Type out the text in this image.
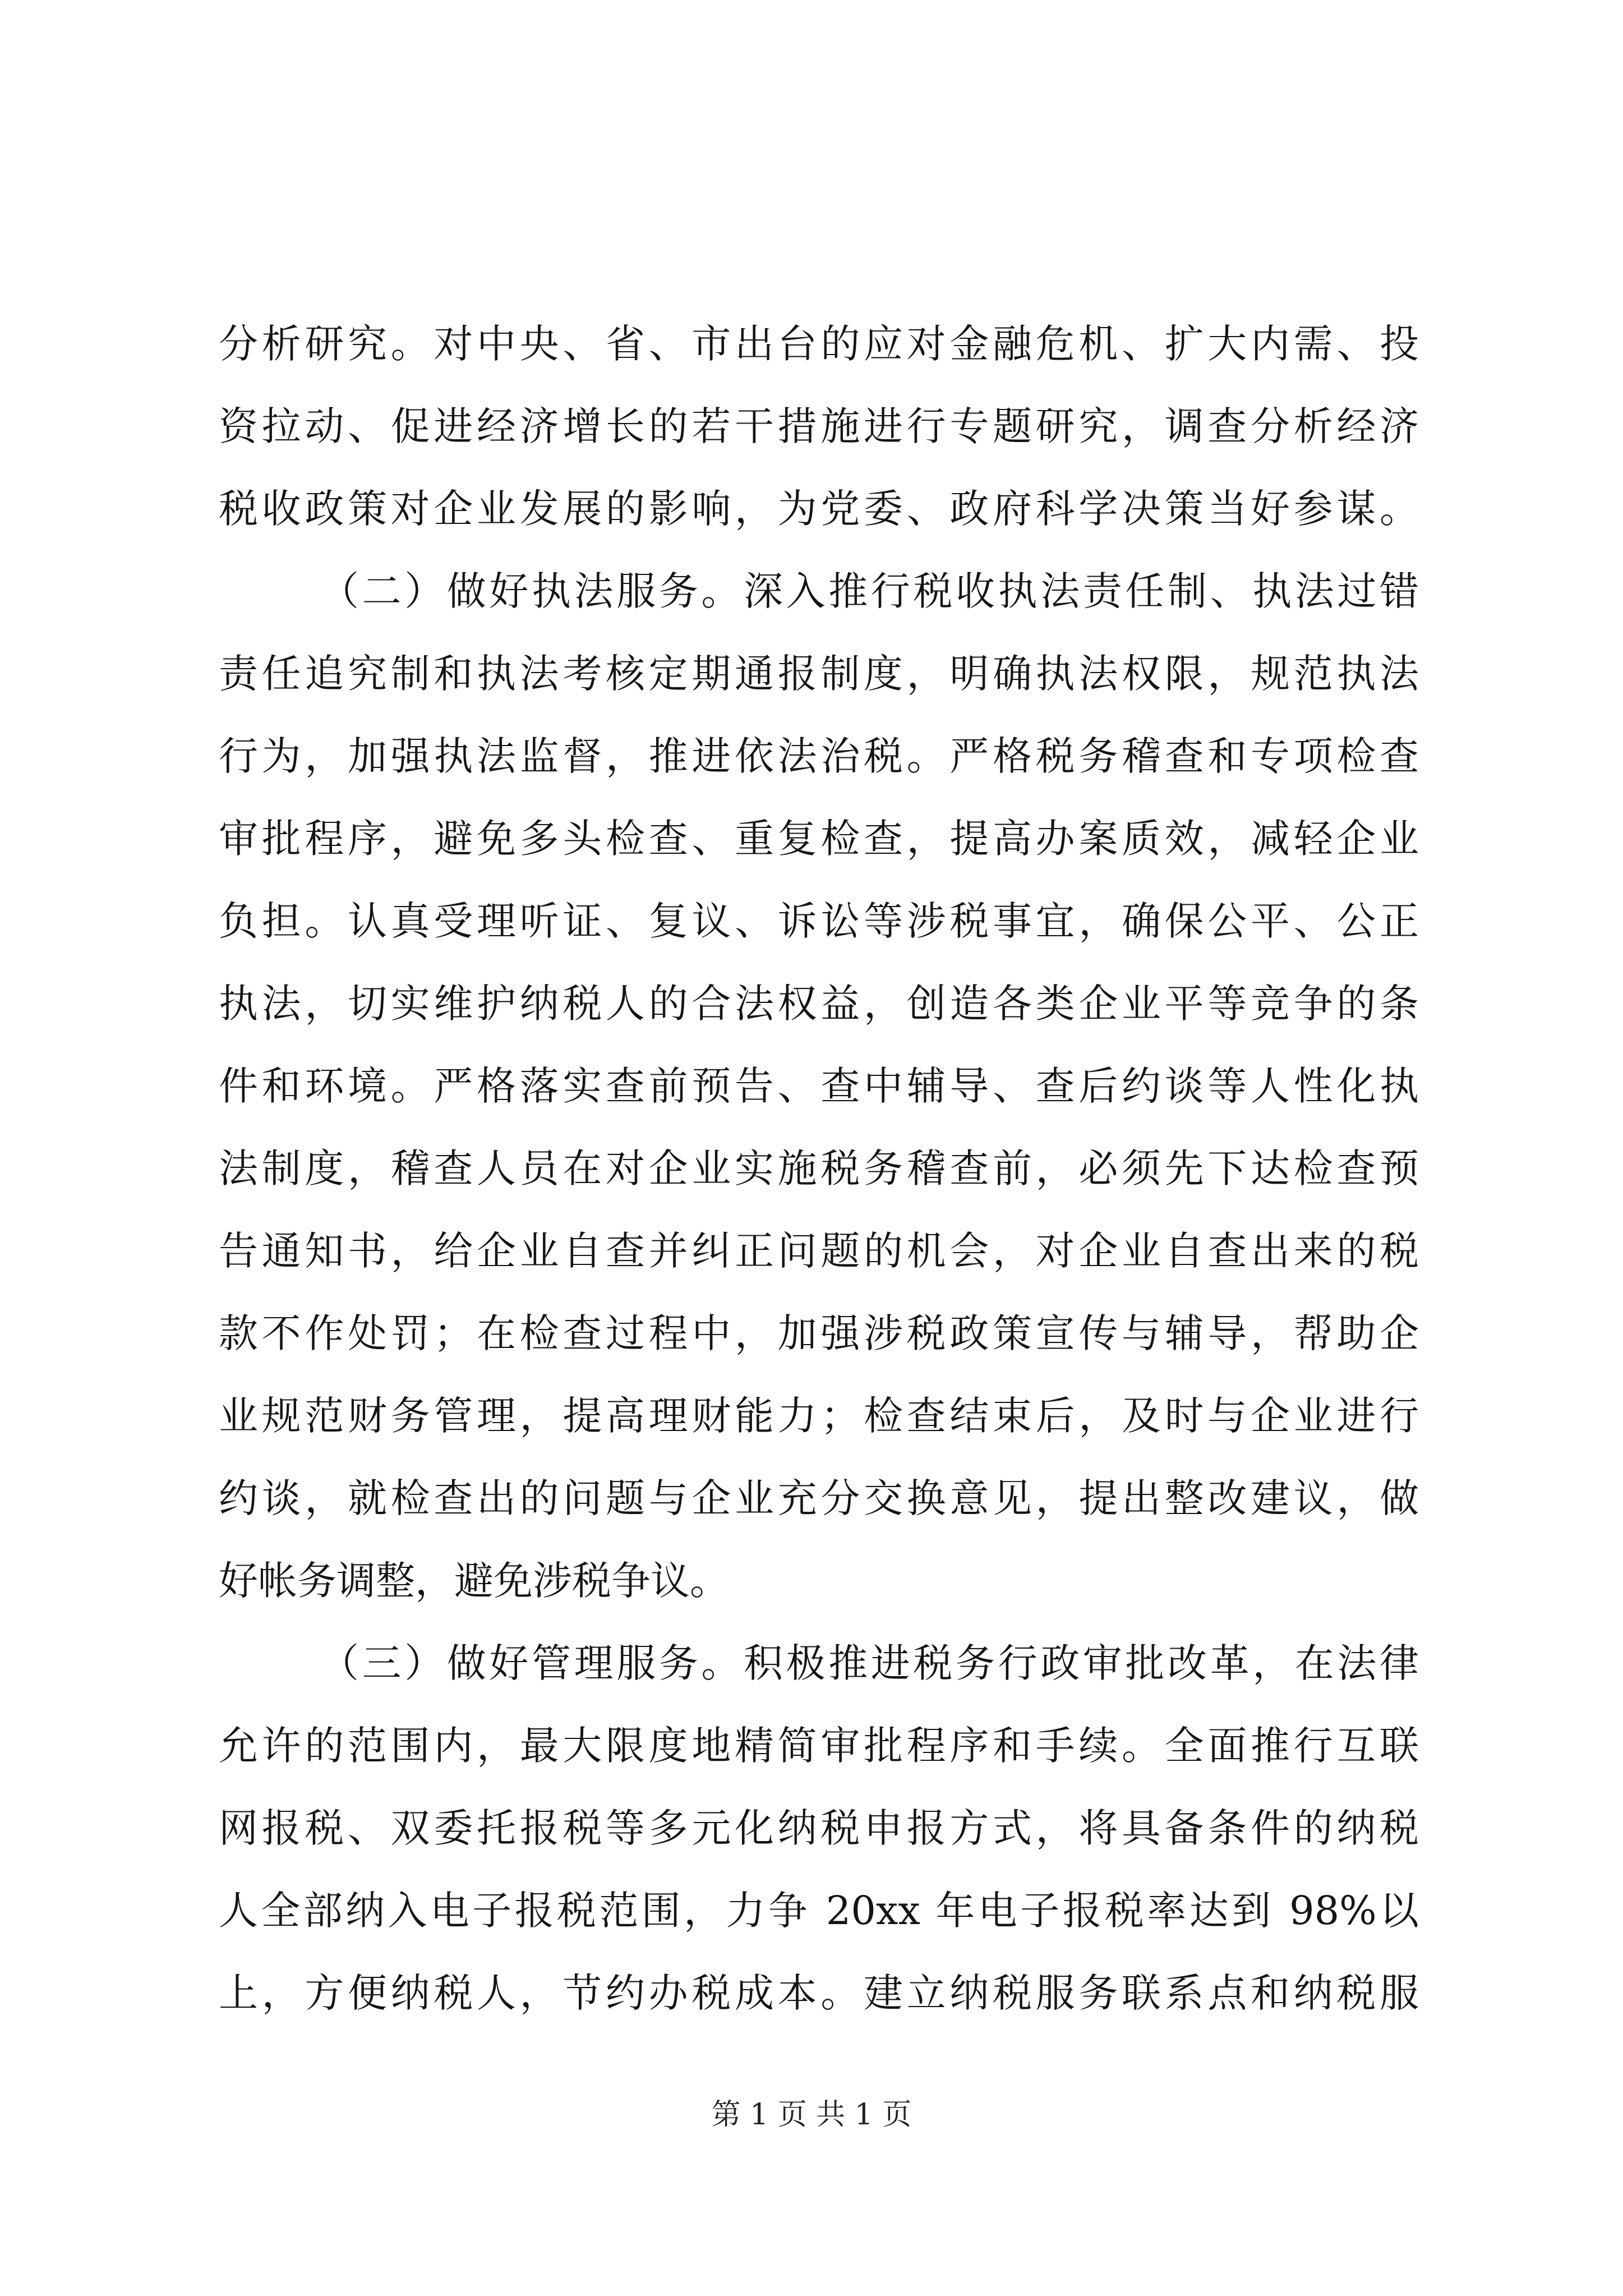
分析研究。对中央、省、市出台的应对金融危机、扩大内需、投
资拉动、促进经济增长的若干措施进行专题研究，调查分析经济
税收政策对企业发展的影响，为党委、政府科学决策当好参谋。
（二）做好执法服务。深入推行税收执法责任制、执法过错
责任追究制和执法考核定期通报制度，明确执法权限，规范执法
行为，加强执法监督，推进依法治税。严格税务稽查和专项检查
审批程序，避免多头检查、重复检查，提高办案质效，减轻企业
负担。认真受理听证、复议、诉讼等涉税事宜，确保公平、公正
执法，切实维护纳税人的合法权益，创造各类企业平等竞争的条
件和环境。严格落实查前预告、查中辅导、查后约谈等人性化执
法制度，稽查人员在对企业实施税务稽查前，必须先下达检查预
告通知书，给企业自查并纠正问题的机会，对企业自查出来的税
款不作处罚；在检查过程中，加强涉税政策宣传与辅导，帮助企
业规范财务管理，提高理财能力；检查结束后，及时与企业进行
约谈，就检查出的问题与企业充分交换意见，提出整改建议，做
好帐务调整，避免涉税争议。
（三）做好管理服务。积极推进税务行政审批改革，在法律
允许的范围内，最大限度地精简审批程序和手续。全面推行互联
网报税、双委托报税等多元化纳税申报方式，将具备条件的纳税
人全部纳入电子报税范围，力争 20xx 年电子报税率达到 98%以
上，方便纳税人，节约办税成本。建立纳税服务联系点和纳税服
第 1 页 共 1 页
